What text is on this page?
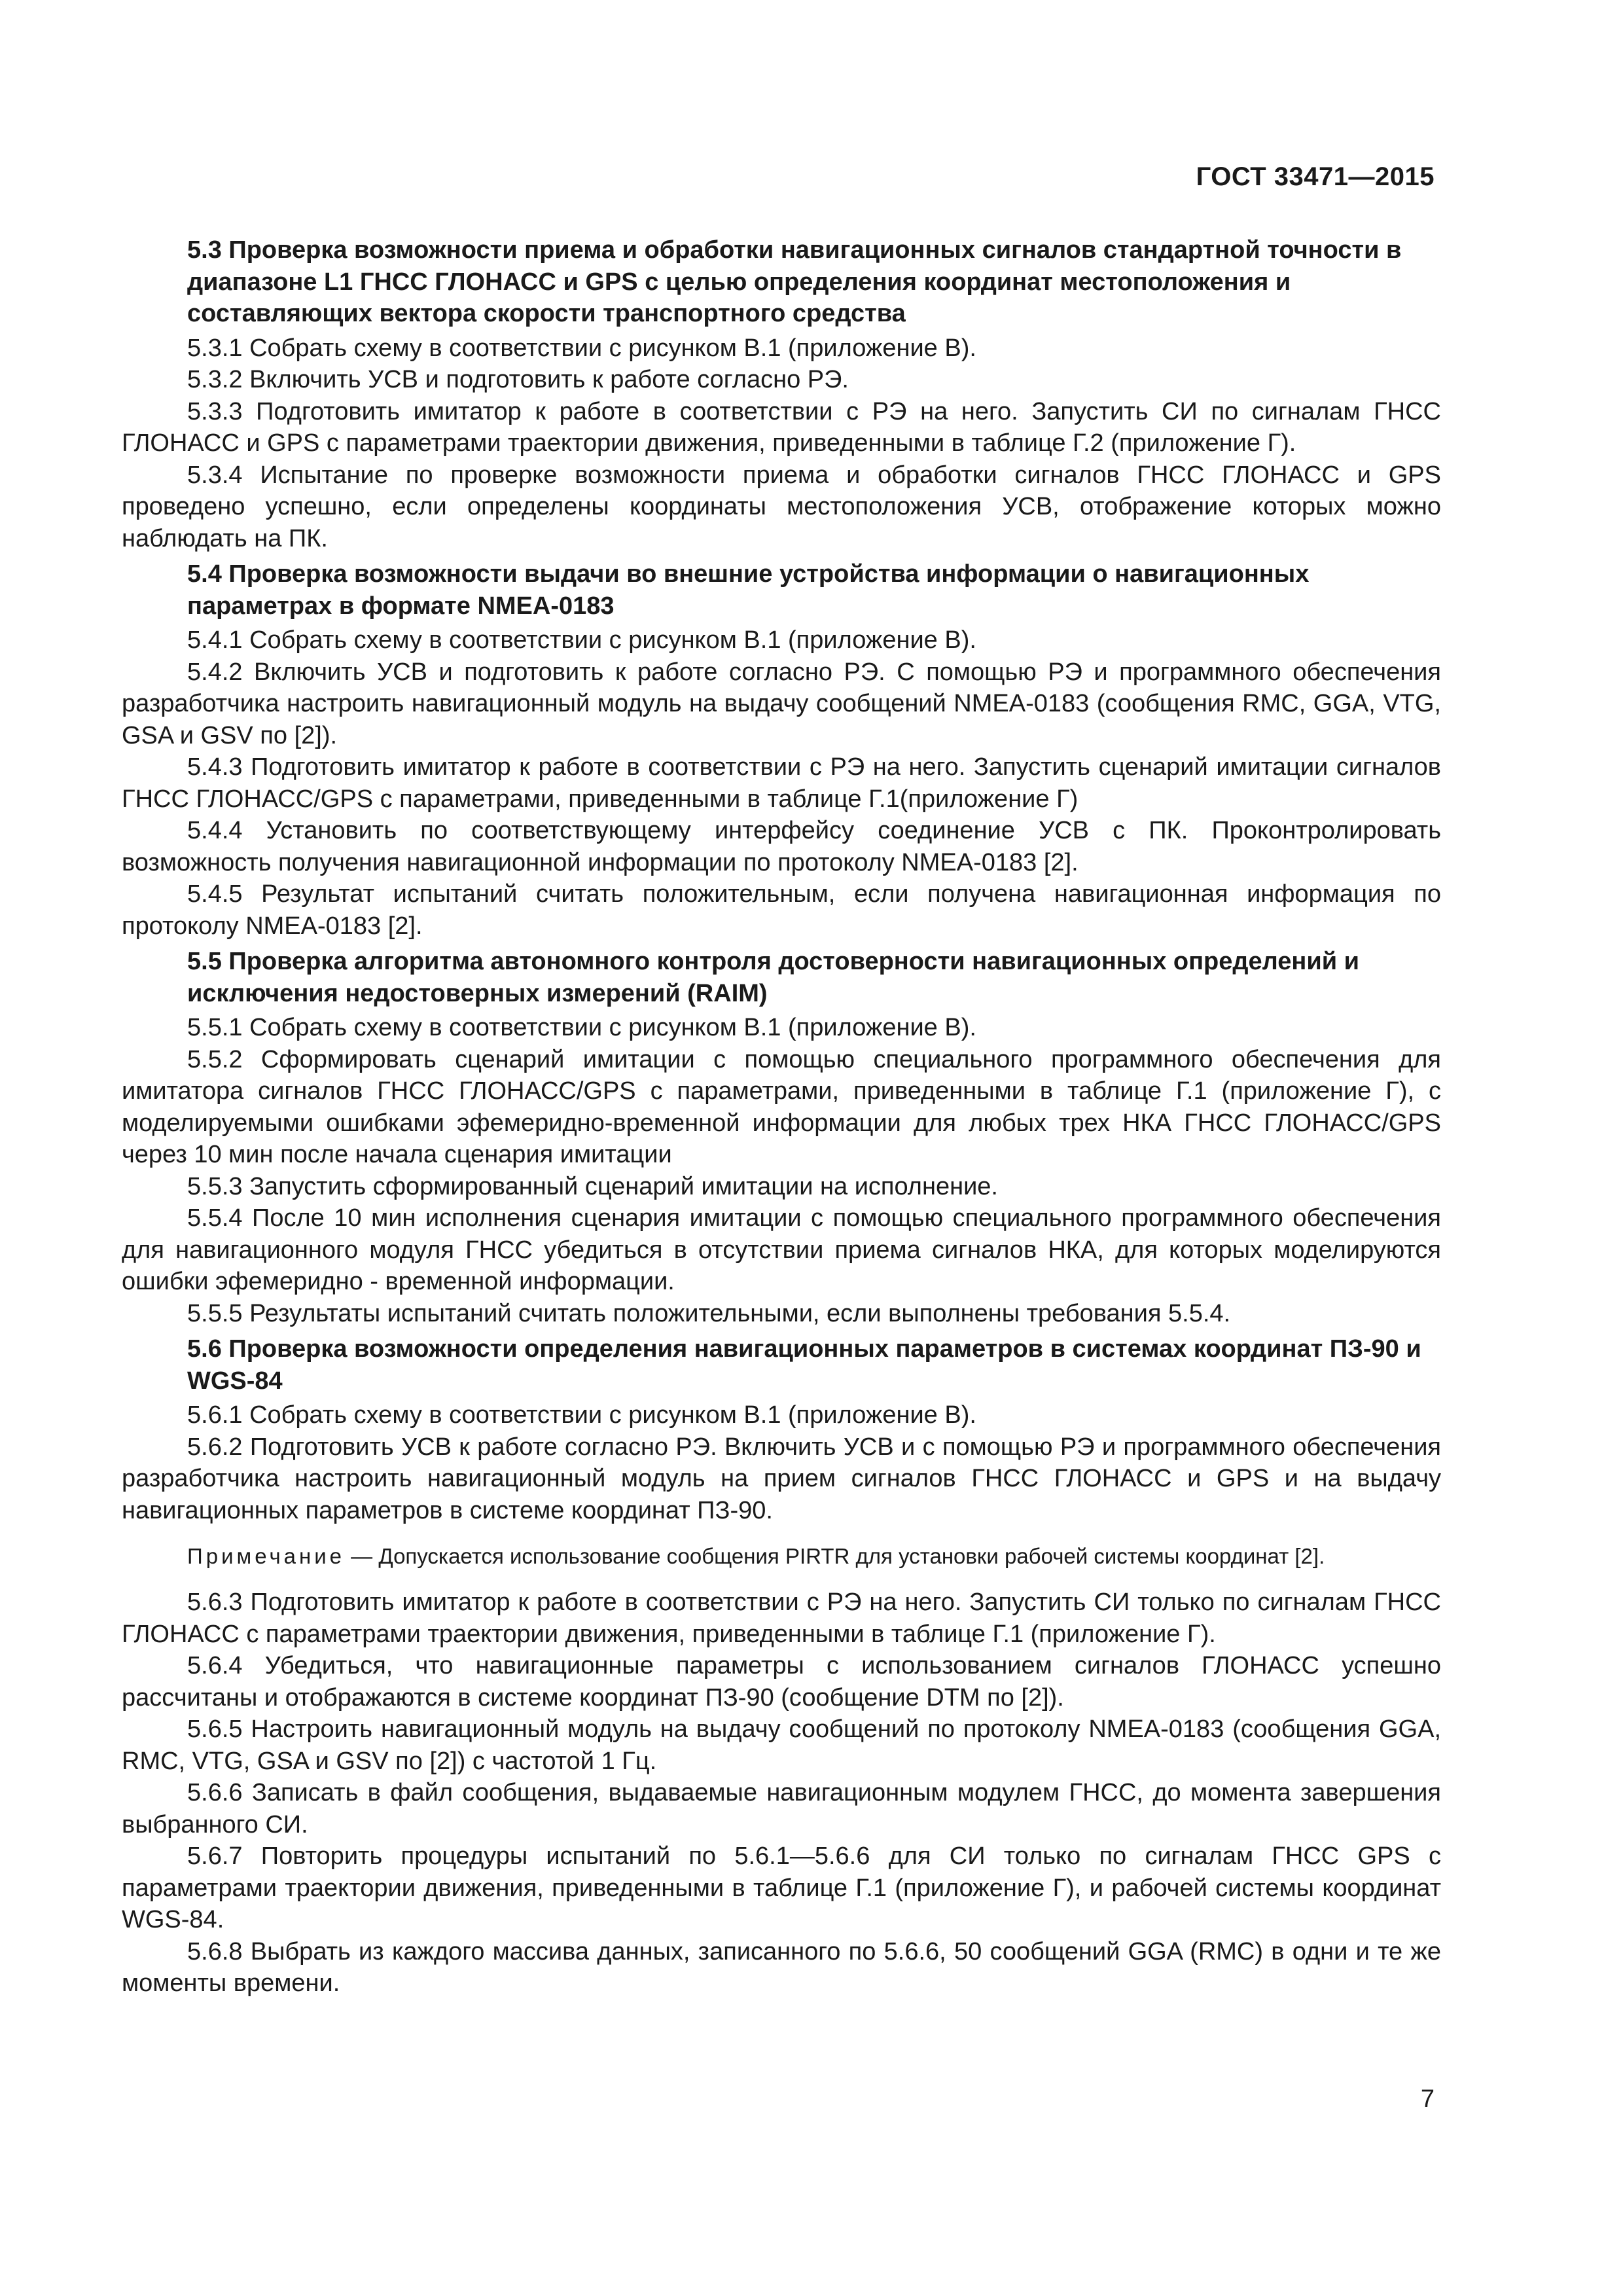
ГОСТ 33471—2015
5.3 Проверка возможности приема и обработки навигационных сигналов стандартной точности в диапазоне L1 ГНСС ГЛОНАСС и GPS с целью определения координат местоположения и составляющих вектора скорости транспортного средства

5.3.1 Собрать схему в соответствии с рисунком В.1 (приложение В).

5.3.2 Включить УСВ и подготовить к работе согласно РЭ.

5.3.3 Подготовить имитатор к работе в соответствии с РЭ на него. Запустить СИ по сигналам ГНСС ГЛОНАСС и GPS с параметрами траектории движения, приведенными в таблице Г.2 (приложение Г).

5.3.4 Испытание по проверке возможности приема и обработки сигналов ГНСС ГЛОНАСС и GPS проведено успешно, если определены координаты местоположения УСВ, отображение которых можно наблюдать на ПК.

5.4 Проверка возможности выдачи во внешние устройства информации о навигационных параметрах в формате NMEA-0183

5.4.1 Собрать схему в соответствии с рисунком В.1 (приложение В).

5.4.2 Включить УСВ и подготовить к работе согласно РЭ. С помощью РЭ и программного обеспечения разработчика настроить навигационный модуль на выдачу сообщений NMEA-0183 (сообщения RMC, GGA, VTG, GSA и GSV по [2]).

5.4.3 Подготовить имитатор к работе в соответствии с РЭ на него. Запустить сценарий имитации сигналов ГНСС ГЛОНАСС/GPS с параметрами, приведенными в таблице Г.1(приложение Г)

5.4.4 Установить по соответствующему интерфейсу соединение УСВ с ПК. Проконтролировать возможность получения навигационной информации по протоколу NMEA-0183 [2].

5.4.5 Результат испытаний считать положительным, если получена навигационная информация по протоколу NMEA-0183 [2].

5.5 Проверка алгоритма автономного контроля достоверности навигационных определений и исключения недостоверных измерений (RAIM)

5.5.1 Собрать схему в соответствии с рисунком В.1 (приложение В).

5.5.2 Сформировать сценарий имитации с помощью специального программного обеспечения для имитатора сигналов ГНСС ГЛОНАСС/GPS с параметрами, приведенными в таблице Г.1 (приложение Г), с моделируемыми ошибками эфемеридно-временной информации для любых трех НКА ГНСС ГЛОНАСС/GPS через 10 мин после начала сценария имитации

5.5.3 Запустить сформированный сценарий имитации на исполнение.

5.5.4 После 10 мин исполнения сценария имитации с помощью специального программного обеспечения для навигационного модуля ГНСС убедиться в отсутствии приема сигналов НКА, для которых моделируются ошибки эфемеридно - временной информации.

5.5.5 Результаты испытаний считать положительными, если выполнены требования 5.5.4.

5.6 Проверка возможности определения навигационных параметров в системах координат ПЗ-90 и WGS-84

5.6.1 Собрать схему в соответствии с рисунком В.1 (приложение В).

5.6.2 Подготовить УСВ к работе согласно РЭ. Включить УСВ и с помощью РЭ и программного обеспечения разработчика настроить навигационный модуль на прием сигналов ГНСС ГЛОНАСС и GPS и на выдачу навигационных параметров в системе координат ПЗ-90.

Примечание — Допускается использование сообщения PIRTR для установки рабочей системы координат [2].

5.6.3 Подготовить имитатор к работе в соответствии с РЭ на него. Запустить СИ только по сигналам ГНСС ГЛОНАСС с параметрами траектории движения, приведенными в таблице Г.1 (приложение Г).

5.6.4 Убедиться, что навигационные параметры с использованием сигналов ГЛОНАСС успешно рассчитаны и отображаются в системе координат ПЗ-90 (сообщение DTM по [2]).

5.6.5 Настроить навигационный модуль на выдачу сообщений по протоколу NMEA-0183 (сообщения GGA, RMC, VTG, GSA и GSV по [2]) с частотой 1 Гц.

5.6.6 Записать в файл сообщения, выдаваемые навигационным модулем ГНСС, до момента завершения выбранного СИ.

5.6.7 Повторить процедуры испытаний по 5.6.1—5.6.6 для СИ только по сигналам ГНСС GPS с параметрами траектории движения, приведенными в таблице Г.1 (приложение Г), и рабочей системы координат WGS-84.

5.6.8 Выбрать из каждого массива данных, записанного по 5.6.6, 50 сообщений GGA (RMC) в одни и те же моменты времени.

7
